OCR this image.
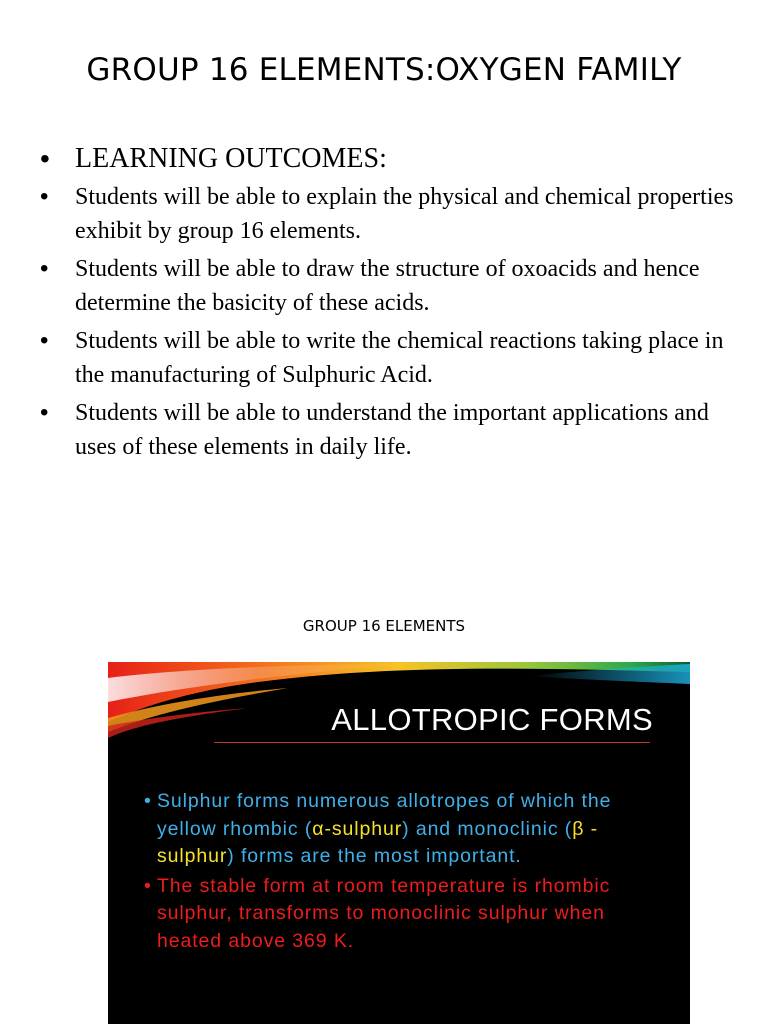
GROUP 16 ELEMENTS:OXYGEN FAMILY
• LEARNING OUTCOMES:
• Students will be able to explain the physical and chemical properties exhibit by group 16 elements.
• Students will be able to draw the structure of oxoacids and hence determine the basicity of these acids.
• Students will be able to write the chemical reactions taking place in the manufacturing of Sulphuric Acid.
• Students will be able to understand the important applications and uses of these elements in daily life.
GROUP 16 ELEMENTS
ALLOTROPIC FORMS
• Sulphur forms numerous allotropes of which the yellow rhombic (α-sulphur) and monoclinic (β - sulphur) forms are the most important.
• The stable form at room temperature is rhombic sulphur, transforms to monoclinic sulphur when heated above 369 K.
